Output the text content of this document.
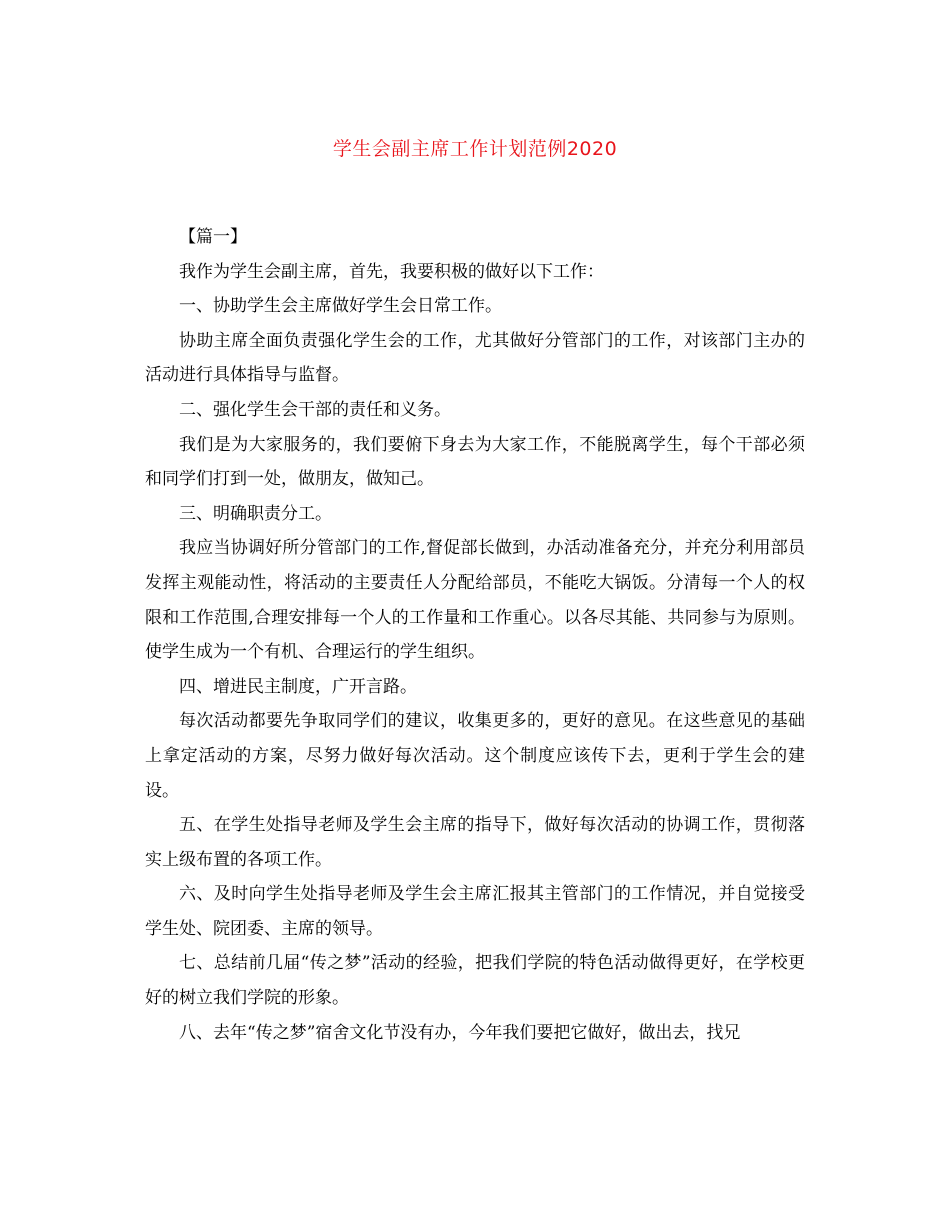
学生会副主席工作计划范例2020

【篇一】

我作为学生会副主席，首先，我要积极的做好以下工作：

一、协助学生会主席做好学生会日常工作。

协助主席全面负责强化学生会的工作，尤其做好分管部门的工作，对该部门主办的活动进行具体指导与监督。

二、强化学生会干部的责任和义务。

我们是为大家服务的，我们要俯下身去为大家工作，不能脱离学生，每个干部必须和同学们打到一处，做朋友，做知己。

三、明确职责分工。

我应当协调好所分管部门的工作,督促部长做到，办活动准备充分，并充分利用部员发挥主观能动性，将活动的主要责任人分配给部员，不能吃大锅饭。分清每一个人的权限和工作范围,合理安排每一个人的工作量和工作重心。以各尽其能、共同参与为原则。使学生成为一个有机、合理运行的学生组织。

四、增进民主制度，广开言路。

每次活动都要先争取同学们的建议，收集更多的，更好的意见。在这些意见的基础上拿定活动的方案，尽努力做好每次活动。这个制度应该传下去，更利于学生会的建设。

五、在学生处指导老师及学生会主席的指导下，做好每次活动的协调工作，贯彻落实上级布置的各项工作。

六、及时向学生处指导老师及学生会主席汇报其主管部门的工作情况，并自觉接受学生处、院团委、主席的领导。

七、总结前几届“传之梦”活动的经验，把我们学院的特色活动做得更好，在学校更好的树立我们学院的形象。

八、去年“传之梦”宿舍文化节没有办，今年我们要把它做好，做出去，找兄
